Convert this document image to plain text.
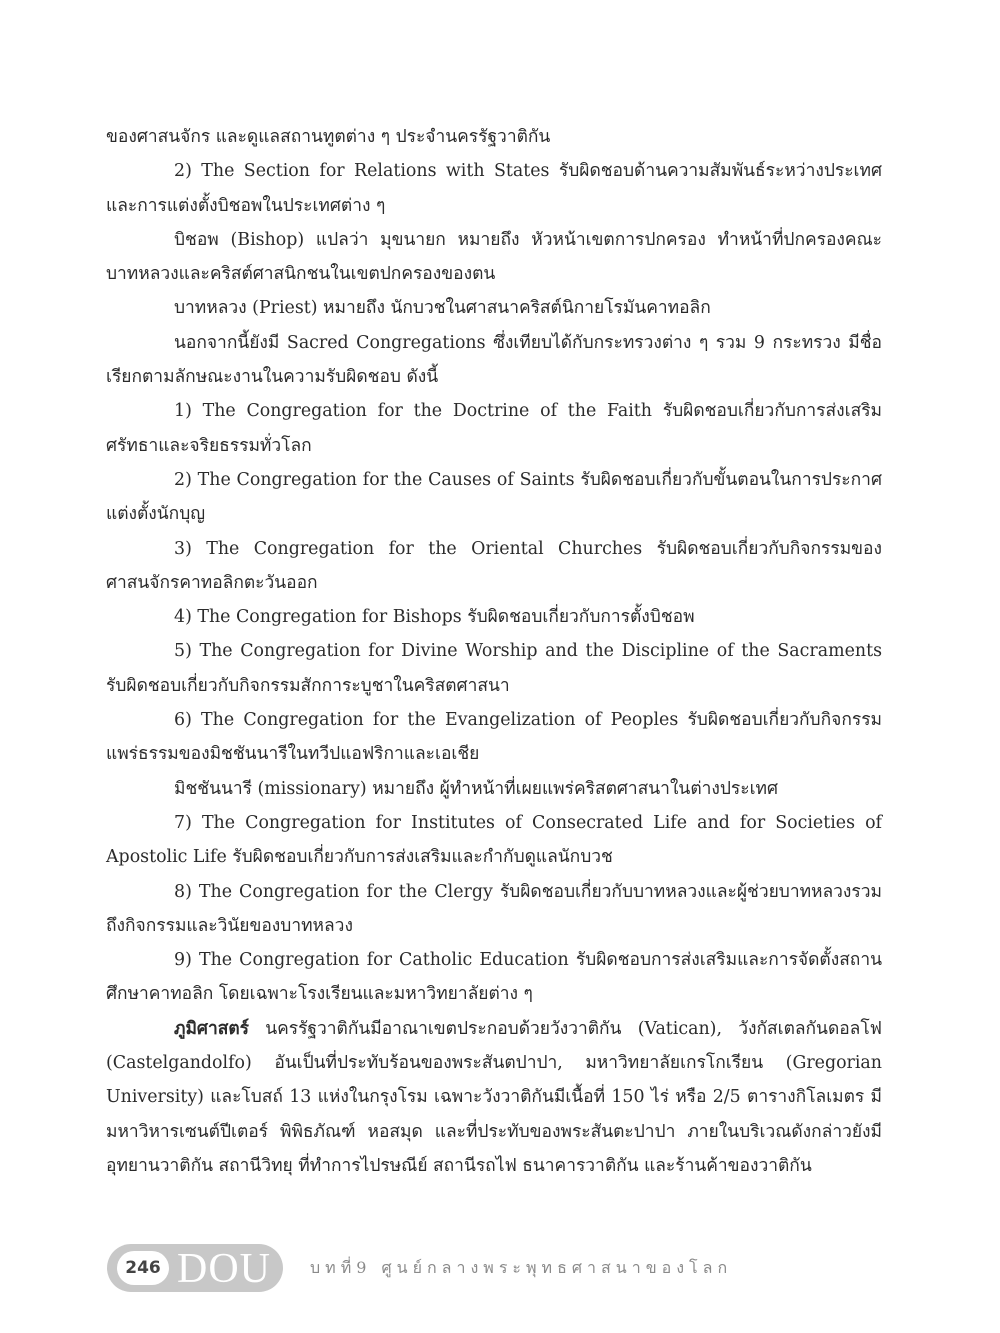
ของศาสนจักร และดูแลสถานทูตต่าง ๆ ประจำนครรัฐวาติกัน

2) The Section for Relations with States รับผิดชอบด้านความสัมพันธ์ระหว่างประเทศ และการแต่งตั้งบิชอพในประเทศต่าง ๆ

บิชอพ (Bishop) แปลว่า มุขนายก หมายถึง หัวหน้าเขตการปกครอง ทำหน้าที่ปกครองคณะบาทหลวงและคริสต์ศาสนิกชนในเขตปกครองของตน

บาทหลวง (Priest) หมายถึง นักบวชในศาสนาคริสต์นิกายโรมันคาทอลิก

นอกจากนี้ยังมี Sacred Congregations ซึ่งเทียบได้กับกระทรวงต่าง ๆ รวม 9 กระทรวง มีชื่อเรียกตามลักษณะงานในความรับผิดชอบ ดังนี้

1) The Congregation for the Doctrine of the Faith รับผิดชอบเกี่ยวกับการส่งเสริมศรัทธาและจริยธรรมทั่วโลก

2) The Congregation for the Causes of Saints รับผิดชอบเกี่ยวกับขั้นตอนในการประกาศแต่งตั้งนักบุญ

3) The Congregation for the Oriental Churches รับผิดชอบเกี่ยวกับกิจกรรมของศาสนจักรคาทอลิกตะวันออก

4) The Congregation for Bishops รับผิดชอบเกี่ยวกับการตั้งบิชอพ

5) The Congregation for Divine Worship and the Discipline of the Sacraments รับผิดชอบเกี่ยวกับกิจกรรมสักการะบูชาในคริสตศาสนา

6) The Congregation for the Evangelization of Peoples รับผิดชอบเกี่ยวกับกิจกรรมแพร่ธรรมของมิชชันนารีในทวีปแอฟริกาและเอเชีย

มิชชันนารี (missionary) หมายถึง ผู้ทำหน้าที่เผยแพร่คริสตศาสนาในต่างประเทศ

7) The Congregation for Institutes of Consecrated Life and for Societies of Apostolic Life รับผิดชอบเกี่ยวกับการส่งเสริมและกำกับดูแลนักบวช

8) The Congregation for the Clergy รับผิดชอบเกี่ยวกับบาทหลวงและผู้ช่วยบาทหลวงรวมถึงกิจกรรมและวินัยของบาทหลวง

9) The Congregation for Catholic Education รับผิดชอบการส่งเสริมและการจัดตั้งสถานศึกษาคาทอลิก โดยเฉพาะโรงเรียนและมหาวิทยาลัยต่าง ๆ

ภูมิศาสตร์ นครรัฐวาติกันมีอาณาเขตประกอบด้วยวังวาติกัน (Vatican), วังกัสเตลกันดอลโฟ (Castelgandolfo) อันเป็นที่ประทับร้อนของพระสันตปาปา, มหาวิทยาลัยเกรโกเรียน (Gregorian University) และโบสถ์ 13 แห่งในกรุงโรม เฉพาะวังวาติกันมีเนื้อที่ 150 ไร่ หรือ 2/5 ตารางกิโลเมตร มีมหาวิหารเซนต์ปีเตอร์ พิพิธภัณฑ์ หอสมุด และที่ประทับของพระสันตะปาปา ภายในบริเวณดังกล่าวยังมีอุทยานวาติกัน สถานีวิทยุ ที่ทำการไปรษณีย์ สถานีรถไฟ ธนาคารวาติกัน และร้านค้าของวาติกัน

246 DOU บทที่9 ศูนย์กลางพระพุทธศาสนาของโลก
